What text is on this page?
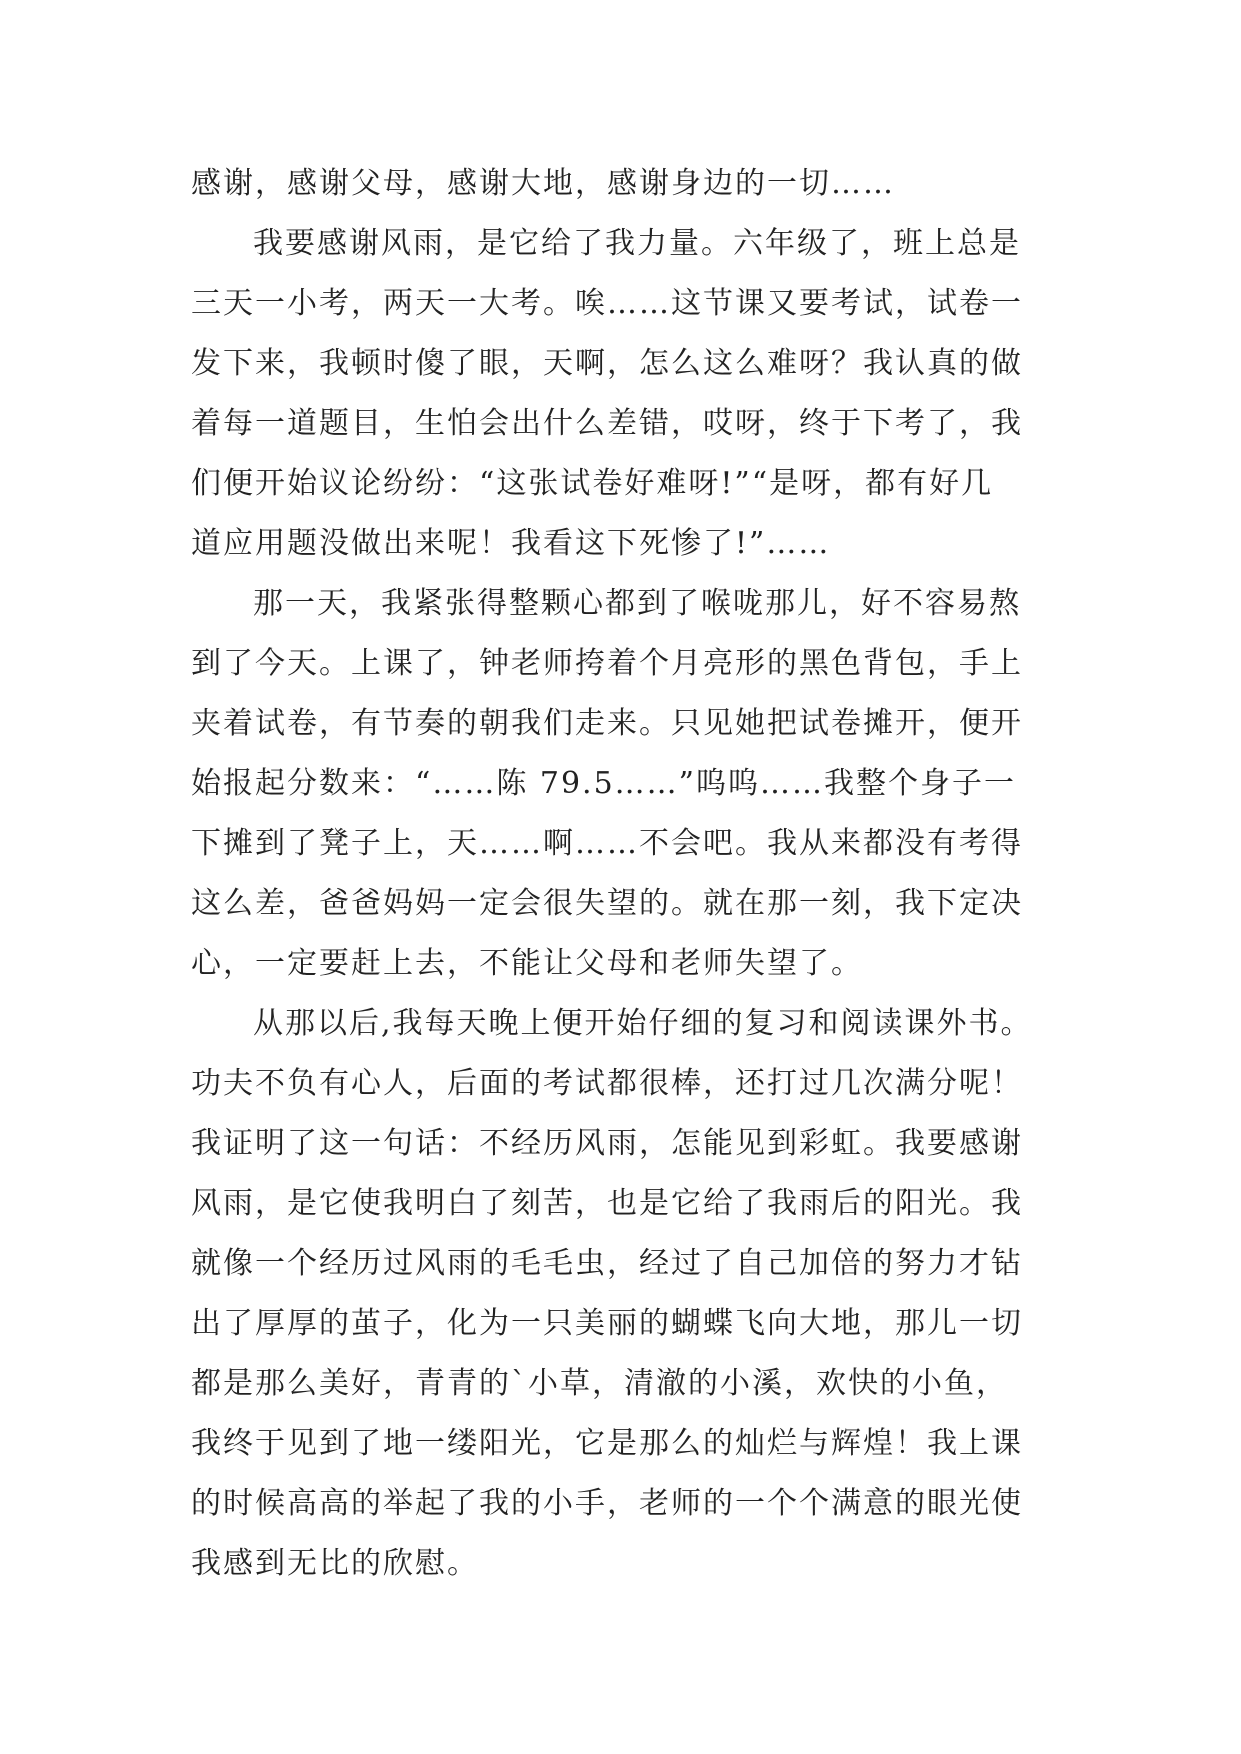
感谢，感谢父母，感谢大地，感谢身边的一切……
我要感谢风雨，是它给了我力量。六年级了，班上总是
三天一小考，两天一大考。唉……这节课又要考试，试卷一
发下来，我顿时傻了眼，天啊，怎么这么难呀？我认真的做
着每一道题目，生怕会出什么差错，哎呀，终于下考了，我
们便开始议论纷纷：“这张试卷好难呀!”“是呀，都有好几
道应用题没做出来呢！我看这下死惨了!”……
那一天，我紧张得整颗心都到了喉咙那儿，好不容易熬
到了今天。上课了，钟老师挎着个月亮形的黑色背包，手上
夹着试卷，有节奏的朝我们走来。只见她把试卷摊开，便开
始报起分数来：“……陈 79.5……”呜呜……我整个身子一
下摊到了凳子上，天……啊……不会吧。我从来都没有考得
这么差，爸爸妈妈一定会很失望的。就在那一刻，我下定决
心，一定要赶上去，不能让父母和老师失望了。
从那以后,我每天晚上便开始仔细的复习和阅读课外书。
功夫不负有心人，后面的考试都很棒，还打过几次满分呢！
我证明了这一句话：不经历风雨，怎能见到彩虹。我要感谢
风雨，是它使我明白了刻苦，也是它给了我雨后的阳光。我
就像一个经历过风雨的毛毛虫，经过了自己加倍的努力才钻
出了厚厚的茧子，化为一只美丽的蝴蝶飞向大地，那儿一切
都是那么美好，青青的`小草，清澈的小溪，欢快的小鱼，
我终于见到了地一缕阳光，它是那么的灿烂与辉煌！我上课
的时候高高的举起了我的小手，老师的一个个满意的眼光使
我感到无比的欣慰。
